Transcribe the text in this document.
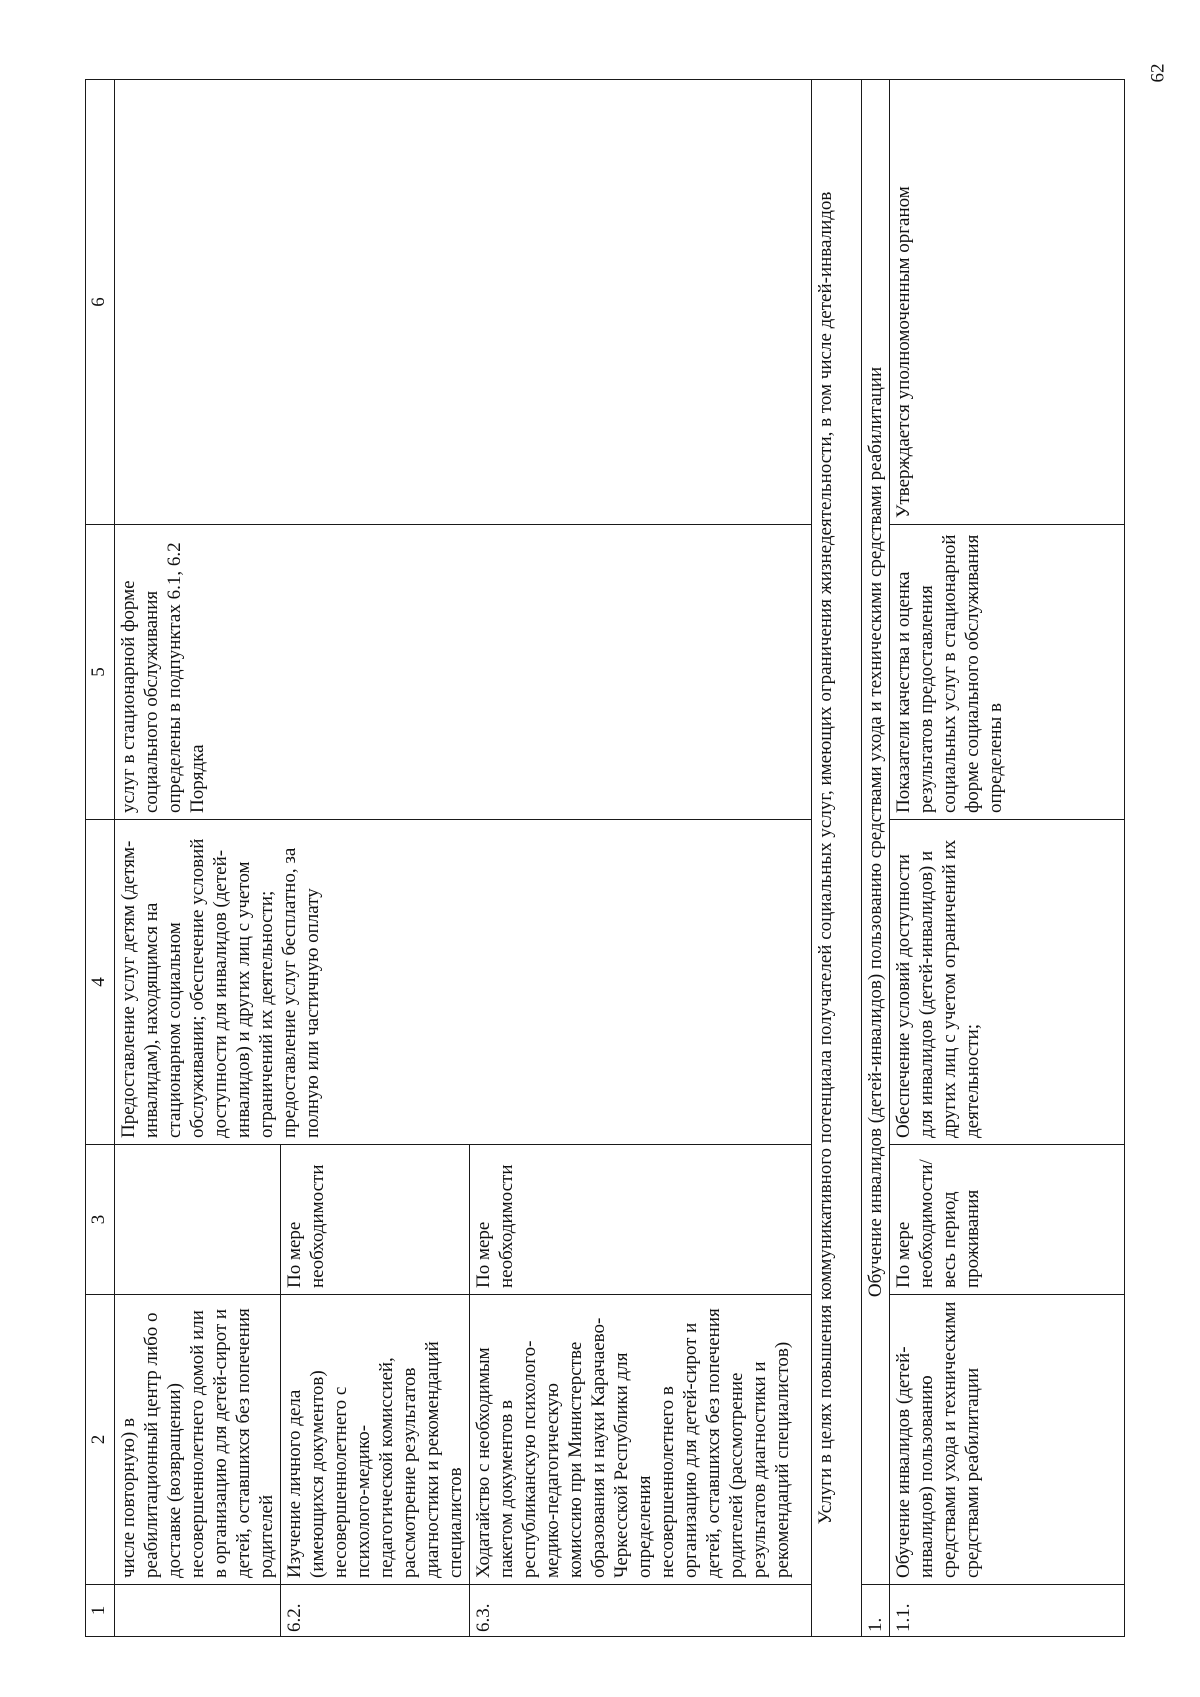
62
1	2	3	4	5	6
	числе повторную) в реабилитационный центр либо о доставке (возвращении) несовершеннолетнего домой или в организацию для детей-сирот и детей, оставшихся без попечения родителей		Предоставление услуг детям (детям-инвалидам), находящимся на стационарном социальном обслуживании; обеспечение условий доступности для инвалидов (детей-инвалидов) и других лиц с учетом ограничений их деятельности; предоставление услуг бесплатно, за полную или частичную оплату	услуг в стационарной форме социального обслуживания определены в подпунктах 6.1, 6.2 Порядка	
6.2.	Изучение личного дела (имеющихся документов) несовершеннолетнего с психолого-медико-педагогической комиссией, рассмотрение результатов диагностики и рекомендаций специалистов	По мере необходимости			
6.3.	Ходатайство с необходимым пакетом документов в республиканскую психолого-медико-педагогическую комиссию при Министерстве образования и науки Карачаево-Черкесской Республики для определения несовершеннолетнего в организацию для детей-сирот и детей, оставшихся без попечения родителей (рассмотрение результатов диагностики и рекомендаций специалистов)	По мере необходимости			
Услуги в целях повышения коммуникативного потенциала получателей социальных услуг, имеющих ограничения жизнедеятельности, в том числе детей-инвалидов					
1.	Обучение инвалидов (детей-инвалидов) пользованию средствами ухода и техническими средствами реабилитации				
1.1.	Обучение инвалидов (детей-инвалидов) пользованию средствами ухода и техническими средствами реабилитации	По мере необходимости/ весь период проживания	Обеспечение условий доступности для инвалидов (детей-инвалидов) и других лиц с учетом ограничений их деятельности;	Показатели качества и оценка результатов предоставления социальных услуг в стационарной форме социального обслуживания определены в	Утверждается уполномоченным органом
